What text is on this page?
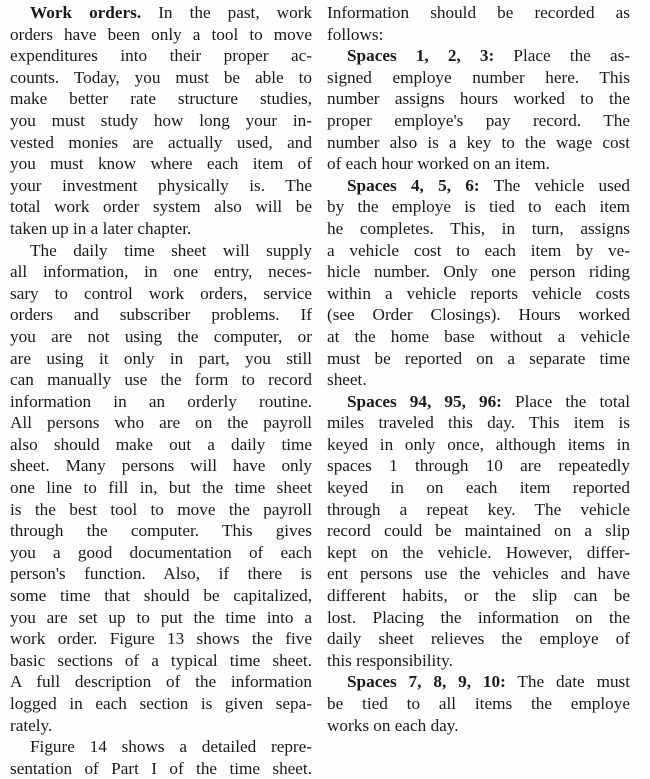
Work orders. In the past, work
orders have been only a tool to move
expenditures into their proper ac-
counts. Today, you must be able to
make better rate structure studies,
you must study how long your in-
vested monies are actually used, and
you must know where each item of
your investment physically is. The
total work order system also will be
taken up in a later chapter.
The daily time sheet will supply
all information, in one entry, neces-
sary to control work orders, service
orders and subscriber problems. If
you are not using the computer, or
are using it only in part, you still
can manually use the form to record
information in an orderly routine.
All persons who are on the payroll
also should make out a daily time
sheet. Many persons will have only
one line to fill in, but the time sheet
is the best tool to move the payroll
through the computer. This gives
you a good documentation of each
person's function. Also, if there is
some time that should be capitalized,
you are set up to put the time into a
work order. Figure 13 shows the five
basic sections of a typical time sheet.
A full description of the information
logged in each section is given sepa-
rately.
Figure 14 shows a detailed repre-
sentation of Part I of the time sheet.
Information should be recorded as
follows:
Spaces 1, 2, 3: Place the as-
signed employe number here. This
number assigns hours worked to the
proper employe's pay record. The
number also is a key to the wage cost
of each hour worked on an item.
Spaces 4, 5, 6: The vehicle used
by the employe is tied to each item
he completes. This, in turn, assigns
a vehicle cost to each item by ve-
hicle number. Only one person riding
within a vehicle reports vehicle costs
(see Order Closings). Hours worked
at the home base without a vehicle
must be reported on a separate time
sheet.
Spaces 94, 95, 96: Place the total
miles traveled this day. This item is
keyed in only once, although items in
spaces 1 through 10 are repeatedly
keyed in on each item reported
through a repeat key. The vehicle
record could be maintained on a slip
kept on the vehicle. However, differ-
ent persons use the vehicles and have
different habits, or the slip can be
lost. Placing the information on the
daily sheet relieves the employe of
this responsibility.
Spaces 7, 8, 9, 10: The date must
be tied to all items the employe
works on each day.
